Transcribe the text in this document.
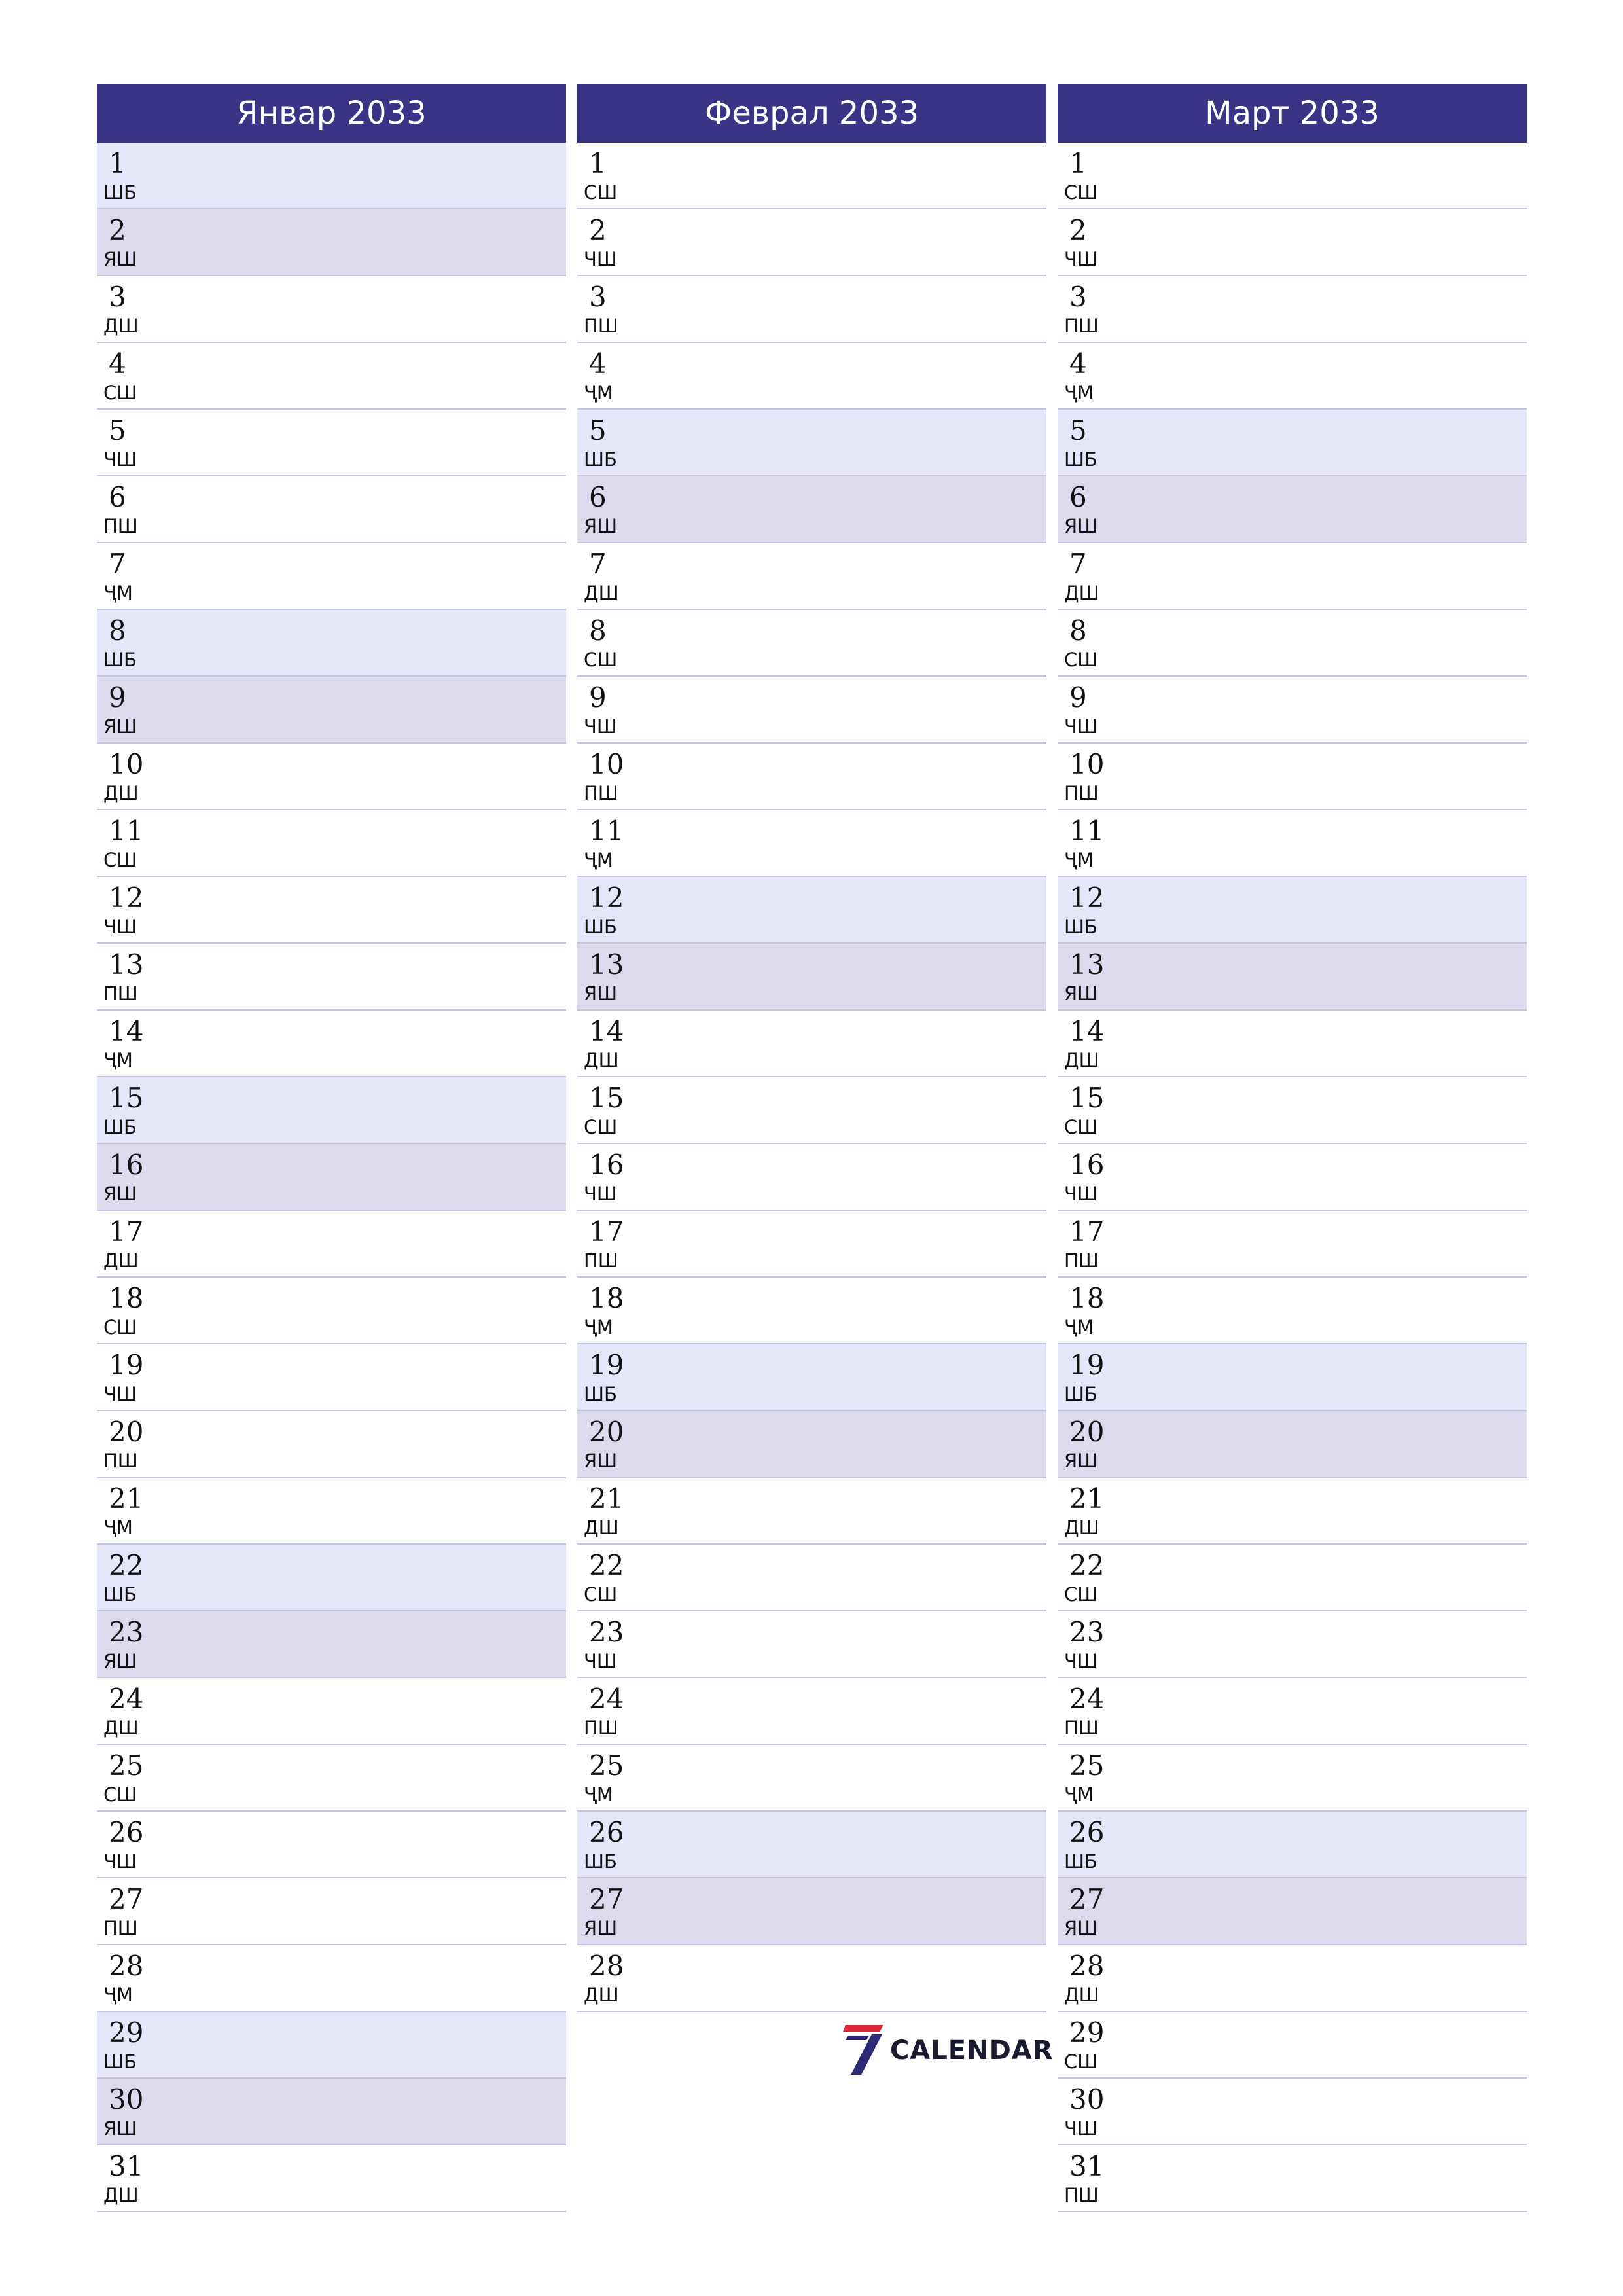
Январ 2033
1
ШБ
2
ЯШ
3
ДШ
4
СШ
5
ЧШ
6
ПШ
7
ҶМ
8
ШБ
9
ЯШ
10
ДШ
11
СШ
12
ЧШ
13
ПШ
14
ҶМ
15
ШБ
16
ЯШ
17
ДШ
18
СШ
19
ЧШ
20
ПШ
21
ҶМ
22
ШБ
23
ЯШ
24
ДШ
25
СШ
26
ЧШ
27
ПШ
28
ҶМ
29
ШБ
30
ЯШ
31
ДШ
Феврал 2033
1
СШ
2
ЧШ
3
ПШ
4
ҶМ
5
ШБ
6
ЯШ
7
ДШ
8
СШ
9
ЧШ
10
ПШ
11
ҶМ
12
ШБ
13
ЯШ
14
ДШ
15
СШ
16
ЧШ
17
ПШ
18
ҶМ
19
ШБ
20
ЯШ
21
ДШ
22
СШ
23
ЧШ
24
ПШ
25
ҶМ
26
ШБ
27
ЯШ
28
ДШ
Март 2033
1
СШ
2
ЧШ
3
ПШ
4
ҶМ
5
ШБ
6
ЯШ
7
ДШ
8
СШ
9
ЧШ
10
ПШ
11
ҶМ
12
ШБ
13
ЯШ
14
ДШ
15
СШ
16
ЧШ
17
ПШ
18
ҶМ
19
ШБ
20
ЯШ
21
ДШ
22
СШ
23
ЧШ
24
ПШ
25
ҶМ
26
ШБ
27
ЯШ
28
ДШ
29
СШ
30
ЧШ
31
ПШ
CALENDAR
